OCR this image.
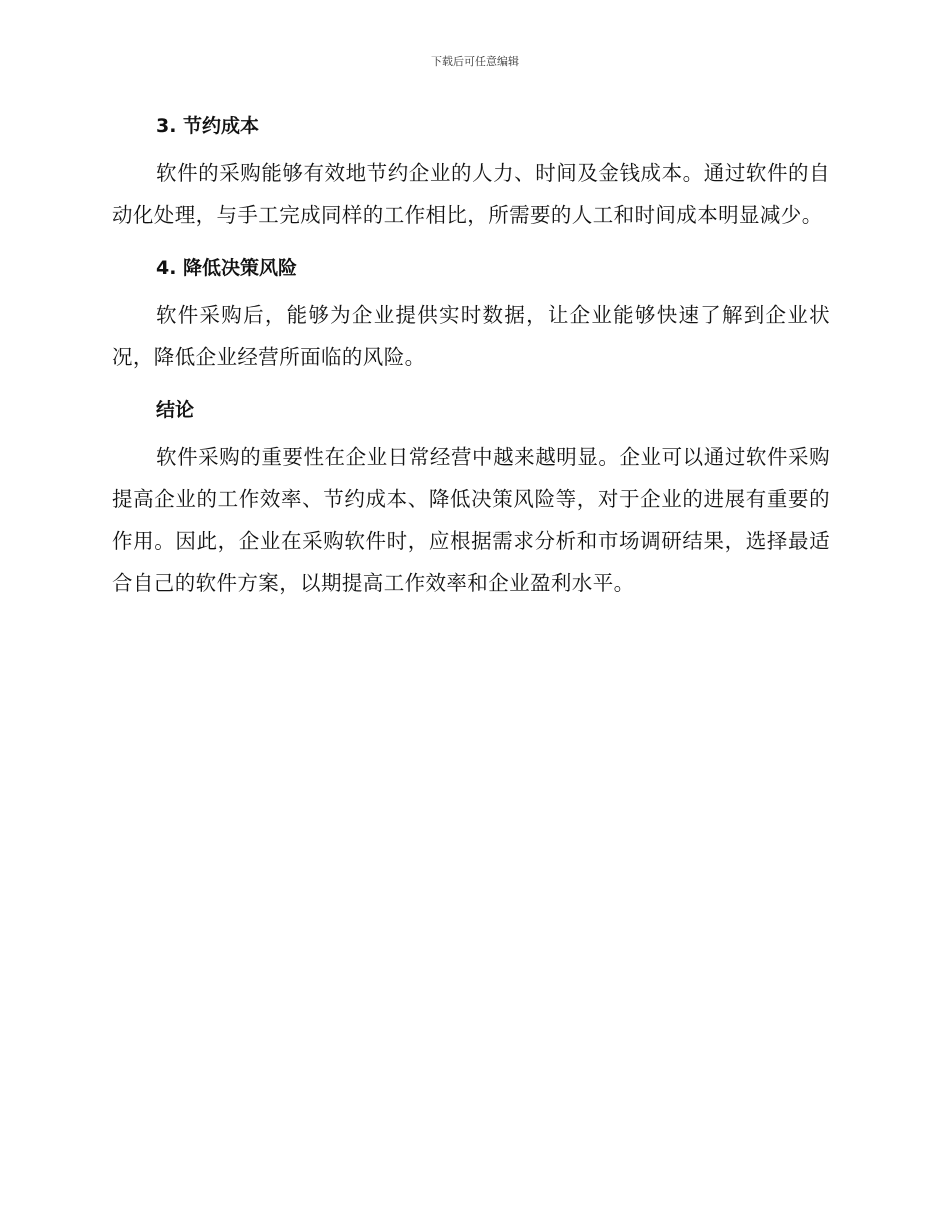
下载后可任意编辑
3. 节约成本

软件的采购能够有效地节约企业的人力、时间及金钱成本。通过软件的自动化处理，与手工完成同样的工作相比，所需要的人工和时间成本明显减少。

4. 降低决策风险

软件采购后，能够为企业提供实时数据，让企业能够快速了解到企业状况，降低企业经营所面临的风险。

结论

软件采购的重要性在企业日常经营中越来越明显。企业可以通过软件采购提高企业的工作效率、节约成本、降低决策风险等，对于企业的进展有重要的作用。因此，企业在采购软件时，应根据需求分析和市场调研结果，选择最适合自己的软件方案，以期提高工作效率和企业盈利水平。
